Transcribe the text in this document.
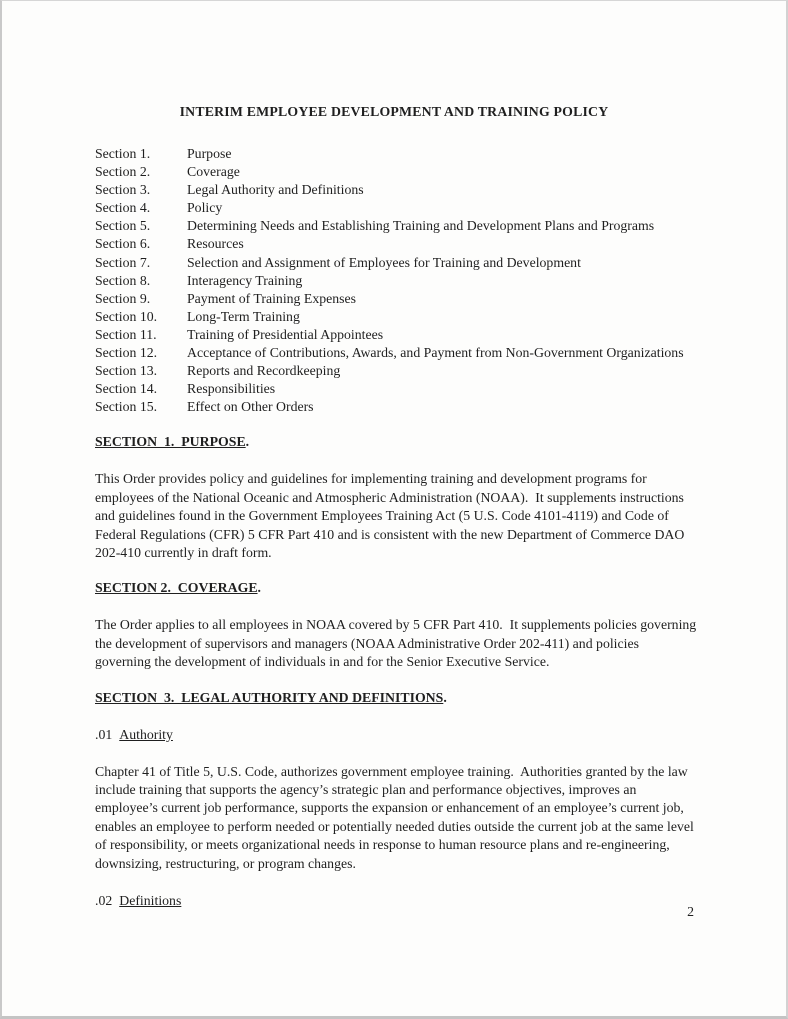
INTERIM EMPLOYEE DEVELOPMENT AND TRAINING POLICY
Section 1.	Purpose
Section 2.	Coverage
Section 3.	Legal Authority and Definitions
Section 4.	Policy
Section 5.	Determining Needs and Establishing Training and Development Plans and Programs
Section 6.	Resources
Section 7.	Selection and Assignment of Employees for Training and Development
Section 8.	Interagency Training
Section 9.	Payment of Training Expenses
Section 10.	Long-Term Training
Section 11.	Training of Presidential Appointees
Section 12.	Acceptance of Contributions, Awards, and Payment from Non-Government Organizations
Section 13.	Reports and Recordkeeping
Section 14.	Responsibilities
Section 15.	Effect on Other Orders
SECTION  1.  PURPOSE.

This Order provides policy and guidelines for implementing training and development programs for employees of the National Oceanic and Atmospheric Administration (NOAA).  It supplements instructions and guidelines found in the Government Employees Training Act (5 U.S. Code 4101-4119) and Code of Federal Regulations (CFR) 5 CFR Part 410 and is consistent with the new Department of Commerce DAO 202-410 currently in draft form.

SECTION 2.  COVERAGE.

The Order applies to all employees in NOAA covered by 5 CFR Part 410.  It supplements policies governing the development of supervisors and managers (NOAA Administrative Order 202-411) and policies governing the development of individuals in and for the Senior Executive Service.

SECTION  3.  LEGAL AUTHORITY AND DEFINITIONS.

.01 Authority

Chapter 41 of Title 5, U.S. Code, authorizes government employee training.  Authorities granted by the law include training that supports the agency’s strategic plan and performance objectives, improves an employee’s current job performance, supports the expansion or enhancement of an employee’s current job, enables an employee to perform needed or potentially needed duties outside the current job at the same level of responsibility, or meets organizational needs in response to human resource plans and re-engineering, downsizing, restructuring, or program changes.

.02 Definitions

2
